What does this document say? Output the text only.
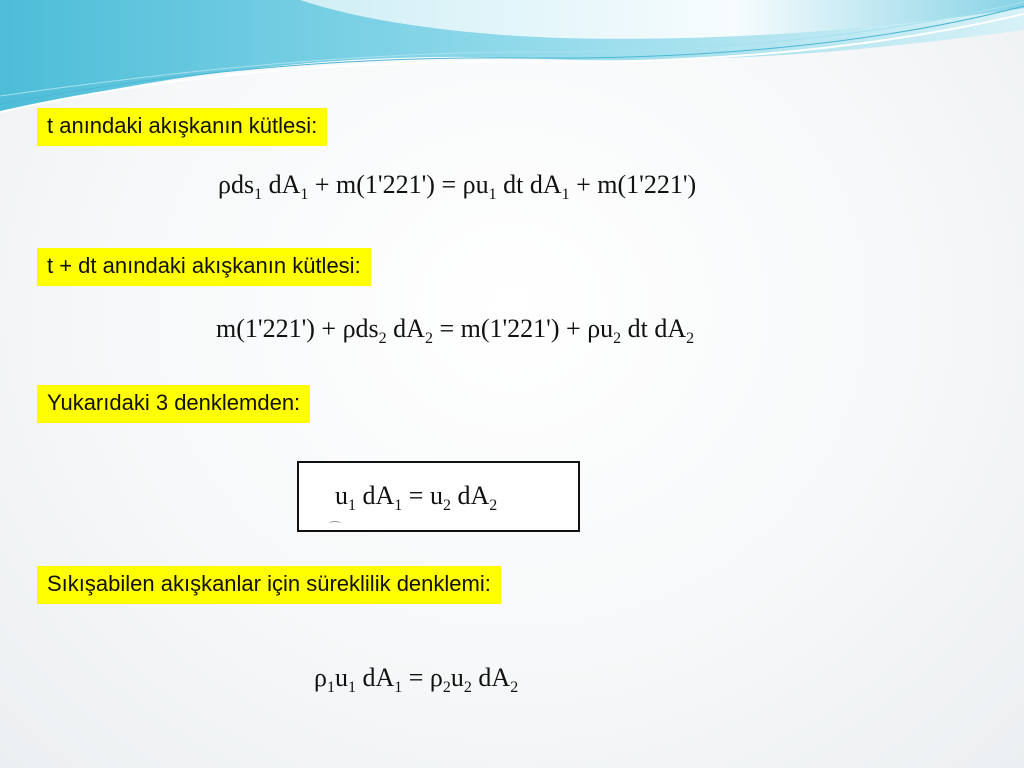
t anındaki akışkanın kütlesi:
ρds$_1$ $dA_1 + m(1'221') = \rho u_1$ dt $dA_1 + m(1'221')$
t + dt anındaki akışkanın kütlesi:
m(1'221') + ρds$_2$ $dA_2 = m(1'221') + \rho u_2$ dt $dA_2$
Yukarıdaki 3 denklemden:
$u_1$ $dA_1 = u_2$ $dA_2$
Sıkışabilen akışkanlar için süreklilik denklemi:
$\rho_1u_1$ $dA_1 = \rho_2u_2$ $dA_2$
